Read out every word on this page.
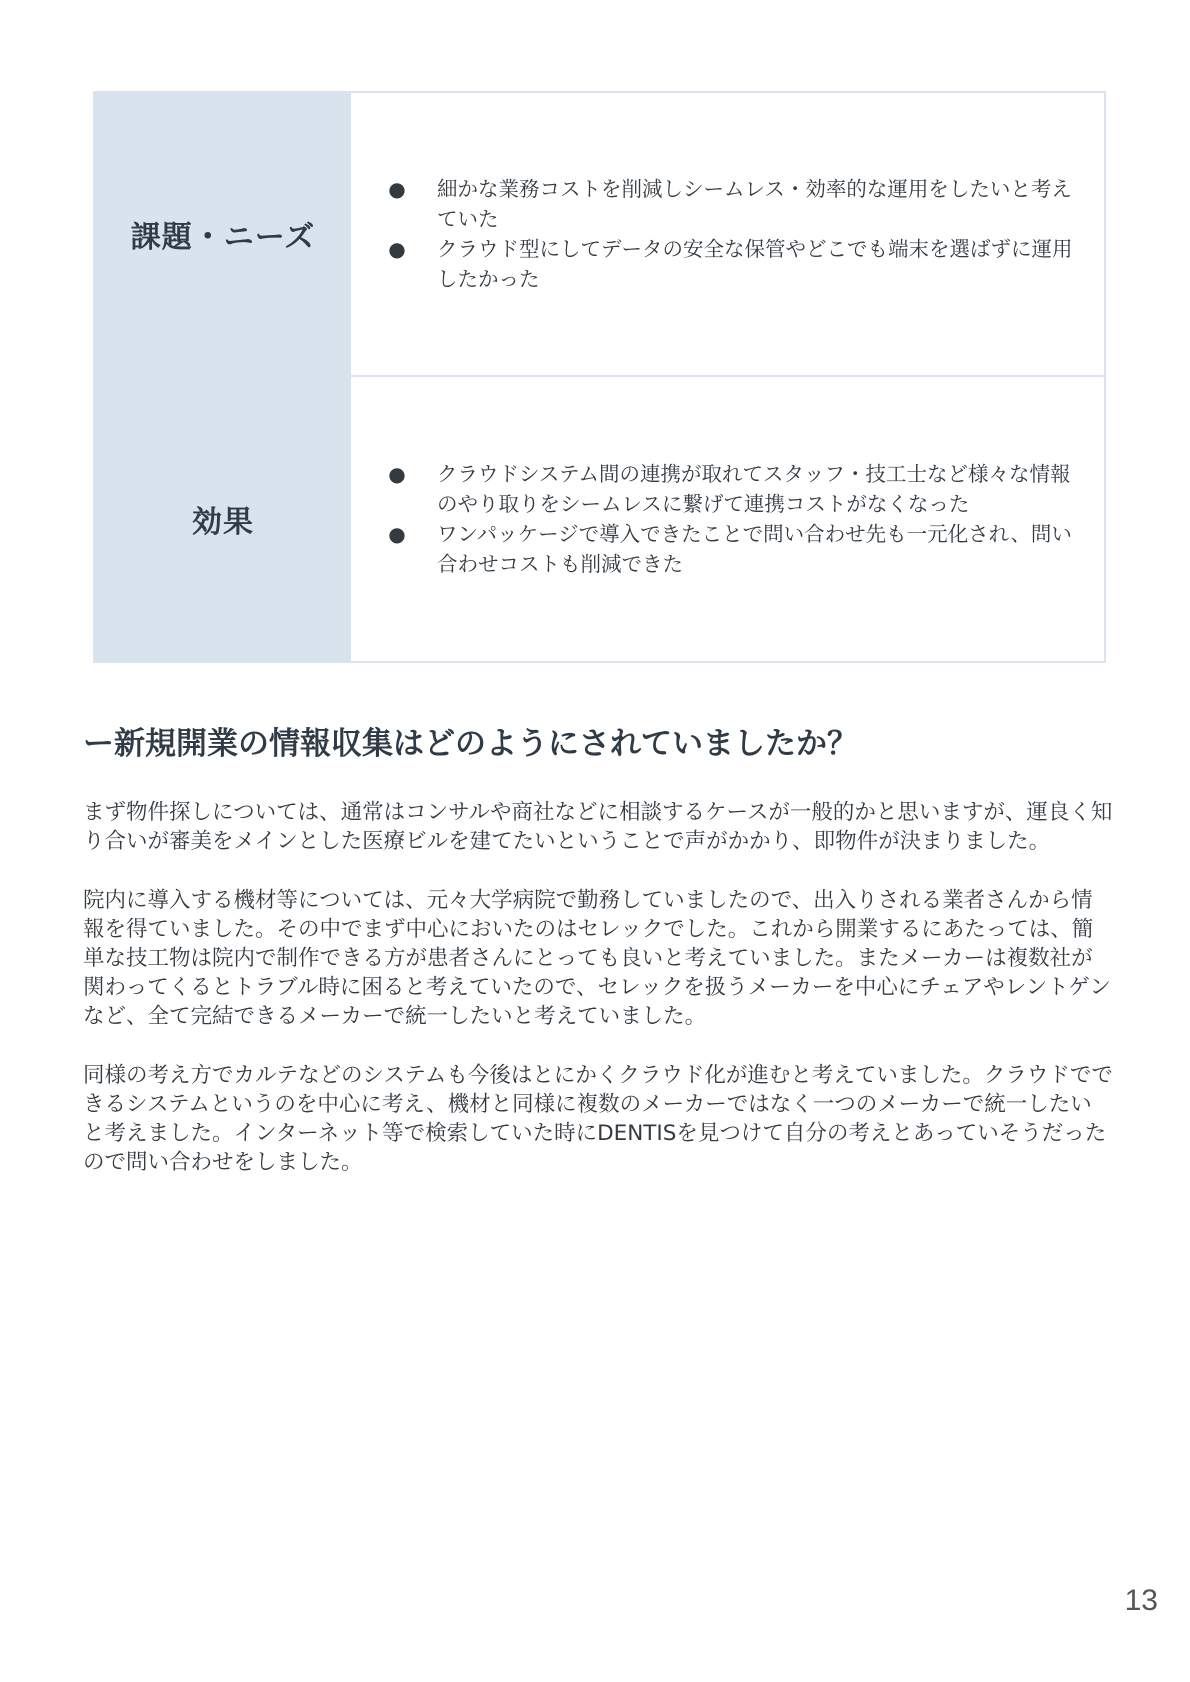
課題・ニーズ
● 細かな業務コストを削減しシームレス・効率的な運用をしたいと考えていた
● クラウド型にしてデータの安全な保管やどこでも端末を選ばずに運用したかった
効果
● クラウドシステム間の連携が取れてスタッフ・技工士など様々な情報のやり取りをシームレスに繋げて連携コストがなくなった
● ワンパッケージで導入できたことで問い合わせ先も一元化され、問い合わせコストも削減できた
ー新規開業の情報収集はどのようにされていましたか？

まず物件探しについては、通常はコンサルや商社などに相談するケースが一般的かと思いますが、運良く知り合いが審美をメインとした医療ビルを建てたいということで声がかかり、即物件が決まりました。

院内に導入する機材等については、元々大学病院で勤務していましたので、出入りされる業者さんから情報を得ていました。その中でまず中心においたのはセレックでした。これから開業するにあたっては、簡単な技工物は院内で制作できる方が患者さんにとっても良いと考えていました。またメーカーは複数社が関わってくるとトラブル時に困ると考えていたので、セレックを扱うメーカーを中心にチェアやレントゲンなど、全て完結できるメーカーで統一したいと考えていました。

同様の考え方でカルテなどのシステムも今後はとにかくクラウド化が進むと考えていました。クラウドでできるシステムというのを中心に考え、機材と同様に複数のメーカーではなく一つのメーカーで統一したいと考えました。インターネット等で検索していた時にDENTISを見つけて自分の考えとあっていそうだったので問い合わせをしました。

13
